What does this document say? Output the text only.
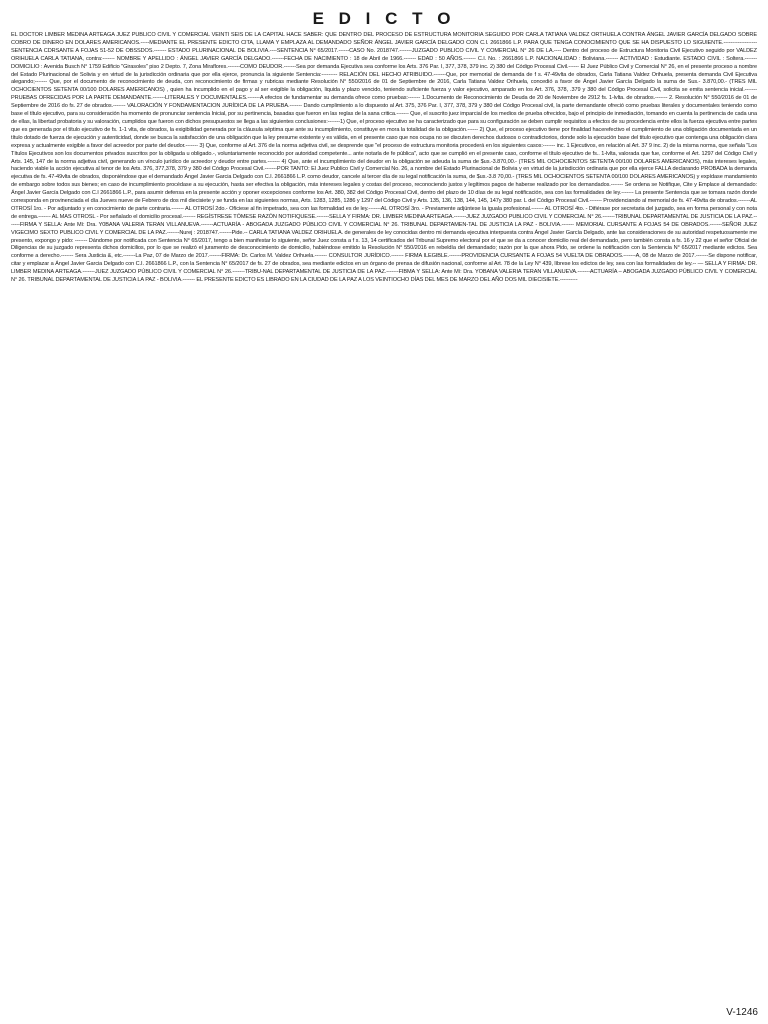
E D I C T O

EL DOCTOR LIMBER MEDINA ARTEAGA JUEZ PUBLICO CIVIL Y COMERCIAL VEINTI SEIS DE LA CAPITAL HACE SABER: QUE DENTRO DEL PROCESO DE ESTRUCTURA MONITORIA SEGUIDO POR CARLA TATIANA VALDEZ ORTHUELA CONTRA ÁNGEL JAVIER GARCÍA DELGADO SOBRE COBRO DE DINERO EN DOLARES AMERICANOS.-----MEDIANTE EL PRESENTE EDICTO CITA, LLAMA Y EMPLAZA AL DEMANDADO SEÑOR ÁNGEL JAVIER GARCÍA DELGADO CON C.I. 2661866 L.P. PARA QUE TENGA CONOCIMIENTO QUE SE HA DISPUESTO LO SIGUIENTE.------------------- SENTENCIA CDRSANTE A FOJAS 51-52 DE OBSSDOS.------- ESTADO PLURINACIONAL DE BOLIVIA.----SENTENCIA N° 65/2017.------CASO No. 2018747.-------JUZGADO PUBLICO CIVIL Y COMERCIAL N° 26 DE LA.---- Dentro del proceso de Estructura Monitoria Civil Ejecutivo seguido por VALDEZ ORIHUELA CARLA TATIANA, contra:------- NOMBRE Y APELLIDO : ÁNGEL JAVIER GARCÍA DELGADO.-------FECHA DE NACIMIENTO : 18 de Abril de 1966.------- EDAD : 50 AÑOS.------- C.I. No. : 2661866 L.P. NACIONALIDAD : Boliviana.------- ACTIVIDAD : Estudiante. ESTADO CIVIL : Soltera.------- DOMICILIO : Avenida Busch N° 1759 Edificio "Girasoles" piso 2 Depto. 7, Zona Miraflores.-------COMO DEUDOR.-------Sea por demanda Ejecutiva sea conforme los Arts. 376 Par. I, 377, 378, 379 inc. 2) 380 del Código Procesal Civil.------ El Juez Público Civil y Comercial N° 26, en el presente proceso a nombre del Estado Plurinacional de Solivia y en virtud de la jurisdicción ordinaria que por ella ejerce, pronuncia la siguiente Sentencia:--------- RELACIÓN DEL HECHO ATRIBUIDO.-------Que, por memorial de demanda de f s. 47-49vlta de obrados, Carla Tatiana Valdez Orihuela, presenta demanda Civil Ejecutiva alegando;------- Que, por el documento de reconocimiento de deuda, con reconocimiento de firmas y rubricas mediante Resolución N° 550/2016 de 01 de Septiembre de 2016, Carla Tatiana Valdez Orihuela, concedió a favor de Ángel Javier García Delgado la suma de Sus.- 3.870,00.- (TRES MIL OCHOCIENTOS SETENTA 00/100 DOLARES AMERICANOS) , quien ha incumplido en el pago y al ser exigible la obligación, liquida y plazo vencido, teniendo suficiente fuerza y valor ejecutivo, amparado en los Art. 376, 378, .379 y 380 del Código Procesal Civil, solicita se emita sentencia inicial.------- PRUEBAS OFRECIDAS POR LA PARTE DEMANDANTE.-------LITERALES Y DOCUMENTALES.-------A efectos de fundamentar su demanda ofrece como pruebas:------- 1.Documento de Reconocimiento de Deuda de 20 de Noviembre de 2912 fs. 1-lvlta. de obrados.------- 2. Resolución N° 550/2016 de 01 de Septiembre de 2016 do fs. 27 de obrados.------- VALORACIÓN Y FONDAMENTACION JURÍDICA DE LA PRUEBA.------- Dando cumplimiento a lo dispuesto al Art. 375, 376 Par. I, 377, 378, 379 y 380 del Código Procesal civil, la parte demandante ofreció como pruebas literales y documentales teniendo como base el título ejecutivo, para su consideración ha momento de pronunciar sentencia Inicial, por su pertinencia, basadas que fueron en las reglas de la sana critica.------- Que, el suscrito juez imparcial de los medios de prueba ofrecidos, bajo el principio de inmediación, tomando en cuenta la pertinencia de cada una de ellas, la libertad probatoria y su valoración, cumplidos que fueron con dichos presupuestos se llega a las siguientes conclusiones:-------1) Que, el proceso ejecutivo se ha caracterizado que para su configuración se deben cumplir requisitos a efectos de su procedencia entre ellos la fuerza ejecutiva entre partes que es generada por el título ejecutivo de fs. 1-1 vlta, de obrados, la exigibilidad generada por la cláusula séptima que ante su incumplimiento, constituye en mora la totalidad de la obligación.------ 2) Que, el proceso ejecutivo tiene por finalidad hacerefectivo el cumplimiento de una obligación documentada en un título dotado de fuerza de ejecución y autenticidad, donde se busca la satisfacción de una obligación que la ley presume existente y es válida, en el presente caso que nos ocupa no se discuten derechos dudosos o contradictorios, donde solo la ejecución base del titulo ejecutivo que contenga una obligación clara expresa y actualmente exigible a favor del acreedor por parte del deudor.------- 3} Que, conforme al Art. 376 de la norma adjetiva civil, se desprende que "el proceso de estructura monitoria procederá en los siguientes casos:------- inc. 1 Ejecutivos, en relación al Art. 37 9 inc. 2) de la misma norma, que señala "Los Títulos Ejecutivos son los documentos privados suscritos por la obligada u obligado.-, voluntariamente reconocido por autoridad competente... ante notarla de fe pública", acto que se cumplió en el presente caso, conforme el título ejecutivo de fs.. 1-lvlta, valorada que fue, conforme el Art. 1297 del Código Civil y Arts. 145, 147 de la norma adjetiva civil, generando un vínculo jurídico de acreedor y deudor entre partes.------- 4) Que, ante el incumplimiento del deudor en la obligación se adeuda la suma de $us.-3.870,00.- (TRES MIL OCHOCIENTOS SETENTA 00/100 DOLARES AMERICANOS), más intereses legales, haciendo viable la acción ejecutiva al tenor de los Arts. 376, 377,378, 379 y 380 del Código Procesal Civil.-------POR TANTO: El Juez Publico Civil y Comercial No. 26, a nombre del Estado Plurinacional de Bolivia y en virtud de la jurisdicción ordinaria que por ella ejerce FALLA declarando PROBADA la demanda ejecutiva de fs. 47-49vlta de obrados, disponiéndose que el demandado Ángel Javier Garcia Delgado con C.I. 2661866 L.P. como deudor, cancele al tercer día de su legal notificación la suma, de $us.-3.8 70,00.- (TRES MIL OCHOCIENTOS SETENTA 00/100 DOLARES AMERICANOS) y expídase mandamiento de embargo sobre todos sus bienes; en caso de incumplimiento procédase a su ejecución, hasta ser efectiva la obligación, más intereses legales y costas del proceso, reconociendo justos y legítimos pagos de haberse realizado por los demandados.------- Se ordena se Notifique, Cite y Emplace al demandado: Ángel Javier García Delgado con C.I 2661866 L.P., para asumir defensa en la presente acción y oponer excepciones conforme los Art. 380, 382 del Código Procesal Civil, dentro del plazo de 10 días de su legal notificación, sea con las formalidades de ley.------- La presente Sentencia que se tomara razón donde corresponda en provinenciada el día Jueves nueve de Febrero de dos mil diecisiete y se funda en las siguientes normas, Arts. 1283, 1285, 1286 y 1297 del Código Civil y Arts. 135, 136, 138, 144, 145, 147y 380 par. L del Código Procesal Civil.------- Providenciando al memorial de fs. 47-49vlta de obrados.-------AL OTROSÍ 1ro. - Por adjuntado y en conocimiento de parte contraria.------- AL OTROSÍ 2do.- Ofíciese al fin impetrado, sea con las formalidad es de ley.-------AL OTROSÍ 3ro. - Previamente adjúntese la iguala profesional.------- AL OTROSÍ 4to. - Difiérase por secretaria del juzgado, sea en forma personal y con nota de entrega.------- AL MAS OTROSL - Por señalado el domicilio procesal.------- REGÍSTRESE TÓMESE RAZÓN NOTIFIQUESE.-------SELLA Y FIRMA: DR. LIMBER MEDINA ARTEAGA.-------JUEZ JUZGADO PUBLICO CIVIL Y COMERCIAL N° 26.-------TRIBUNAL DEPARTAMENTAL DE JUSTICIA DE LA PAZ.-------FIRMA Y SELLA: Ante Mí: Dra. Y0BANA VALERIA TERAN VILLANUEVA.-------ACTUARÍA - ABOGADA JUZGADO PÚBLICO CIVIL Y COMERCIAL N° 26. TRIBUNAL DEPARTAMEN-TAL DE JUSTICIA LA PAZ - BOLIVIA.------- MEMORIAL CURSANTE A FOJAS 54 DE OBRADOS.-------SEÑOR JUEZ VIGECIMO SEXTO PUBLICO CIVIL Y COMERCIAL DE LA PAZ.-------Nurej : 2018747.-------Pide.-- CARLA TATIANA VALDEZ ORIHUELA. de generales de ley conocidas dentro mi demanda ejecutiva interpuesta contra Ángel Javier García Delgado, ante las consideraciones de su autoridad respetuosamente me presento, expongo y pido: ------- Dándome por notificada con Sentencia N° 65/2017, tengo a bien manifestar lo siguiente, señor Juez consta a f s. 13, 14 certificados del Tribunal Supremo electoral por el que se da a conocer domicilio real del demandado, pero también consta a fs. 16 y 22 que el señor Oficial de Diligencias de su juzgado representa dichos domicilios, por lo que se realizó el juramento de desconocimiento de domicilio, habiéndose emitido la Resolución N° 550/2016 en rebeldía del demandado; razón por la que ahora Pido, se ordene la notificación con la Sentencia N° 65/2017 mediante edictos. Sea conforme a derecho.------- Sera Justicia &, etc.-------La Paz, 07 de Marzo de 2017.-------FIRMA: Dr. Carlos M. Valdez Orihuela.------- CONSULTOR JURÍDICO.------- FIRMA ILEGIBLE.-------PROVIDENCIA CURSANTE A FOJAS 54 VUELTA DE OBRADOS.-------A, 08 de Marzo de 2017.-------Se dispone notificar, citar y emplazar a Ángel Javier Garcia Delgado con C.I. 2661866 L.P., con la Sentencia N° 65/2017 de fs. 27 de obrados, sea mediante edictos en un órgano de prensa de difusión nacional, conforme al Art. 78 de la Ley N° 439, líbrese los edictos de ley, sea con las formalidades de ley.-- — SELLA Y FIRMA: DR. LIMBER MEDINA ARTEAGA.-------JUEZ JUZGADO PÚBLICO CIVIL Y COMERCIAL N° 26.-------TRIBU-NAL DEPARTAMENTAL DE JUSTICIA DE LA PAZ.-------FIBMA Y SELLA: Ante Mí: Dra. YOBANA VALERIA TERAN VILLANUEVA.-------ACTUARÍA – ABOGADA JUZGADO PÚBLICO CIVIL Y COMERCIAL N° 26. TRIBUNAL DEPARTAMENTAL DE JUSTICIA LA PAZ - BOLIVIA.------- EL PRESENTE EDICTO ES LIBRADO EN LA CIUDAD DE LA PAZ A LOS VEINTIOCHO DÍAS DEL MES DE MARZO DEL AÑO DOS MIL DIECISIETE.----------

V-1246
